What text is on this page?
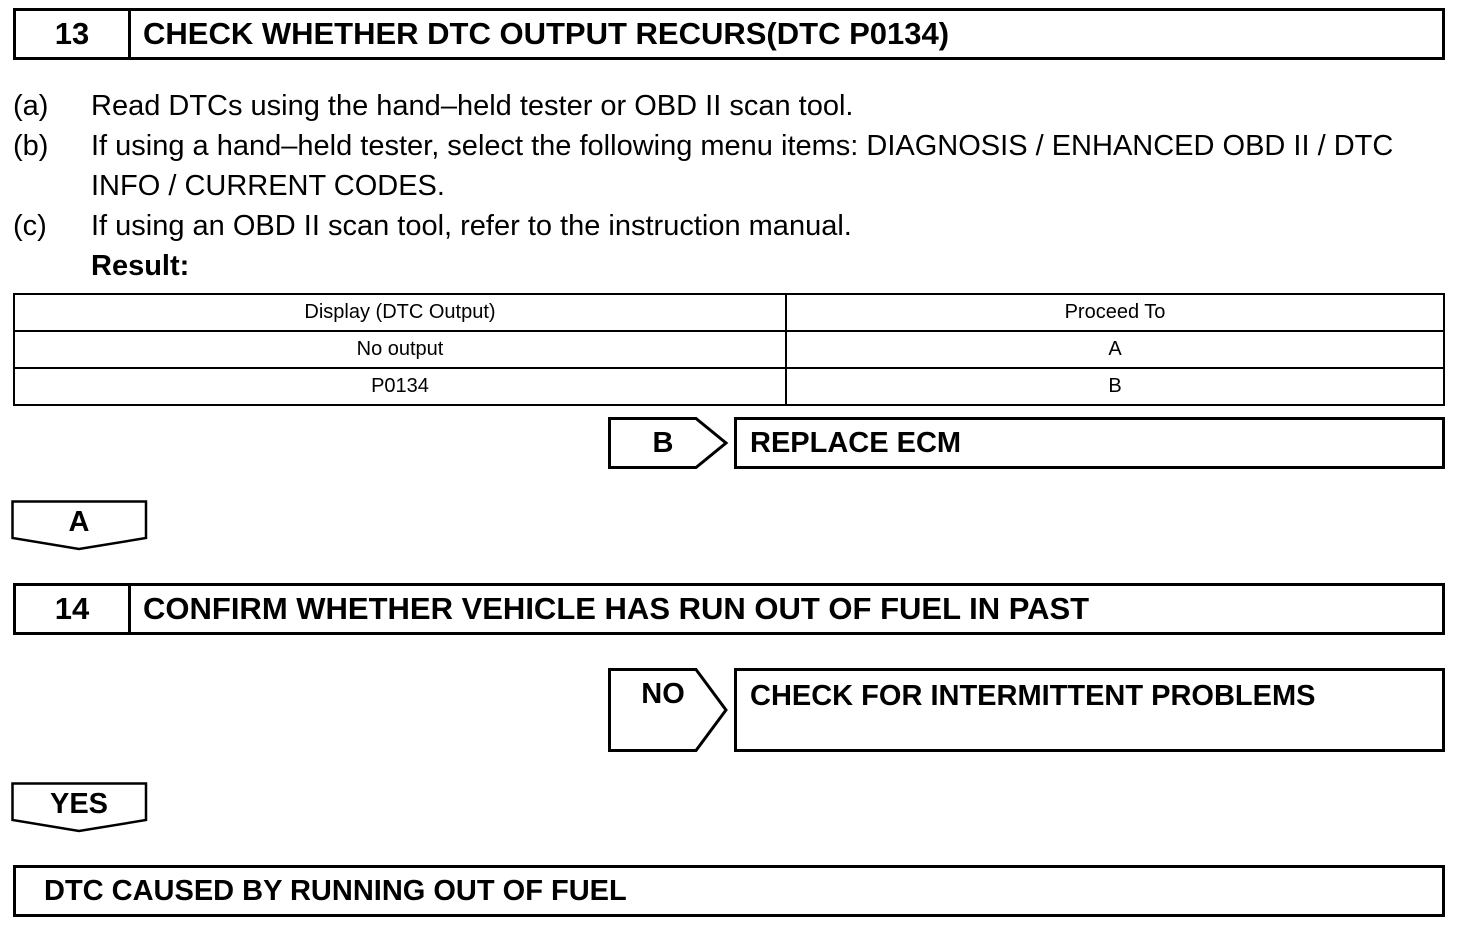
13	CHECK WHETHER DTC OUTPUT RECURS(DTC P0134)
(a) Read DTCs using the hand–held tester or OBD II scan tool.
(b) If using a hand–held tester, select the following menu items: DIAGNOSIS / ENHANCED OBD II / DTC
INFO / CURRENT CODES.
(c) If using an OBD II scan tool, refer to the instruction manual.
Result:
Display (DTC Output)	Proceed To
No output	A
P0134	B
B	REPLACE ECM
A
14	CONFIRM WHETHER VEHICLE HAS RUN OUT OF FUEL IN PAST
NO	CHECK FOR INTERMITTENT PROBLEMS
YES
DTC CAUSED BY RUNNING OUT OF FUEL
